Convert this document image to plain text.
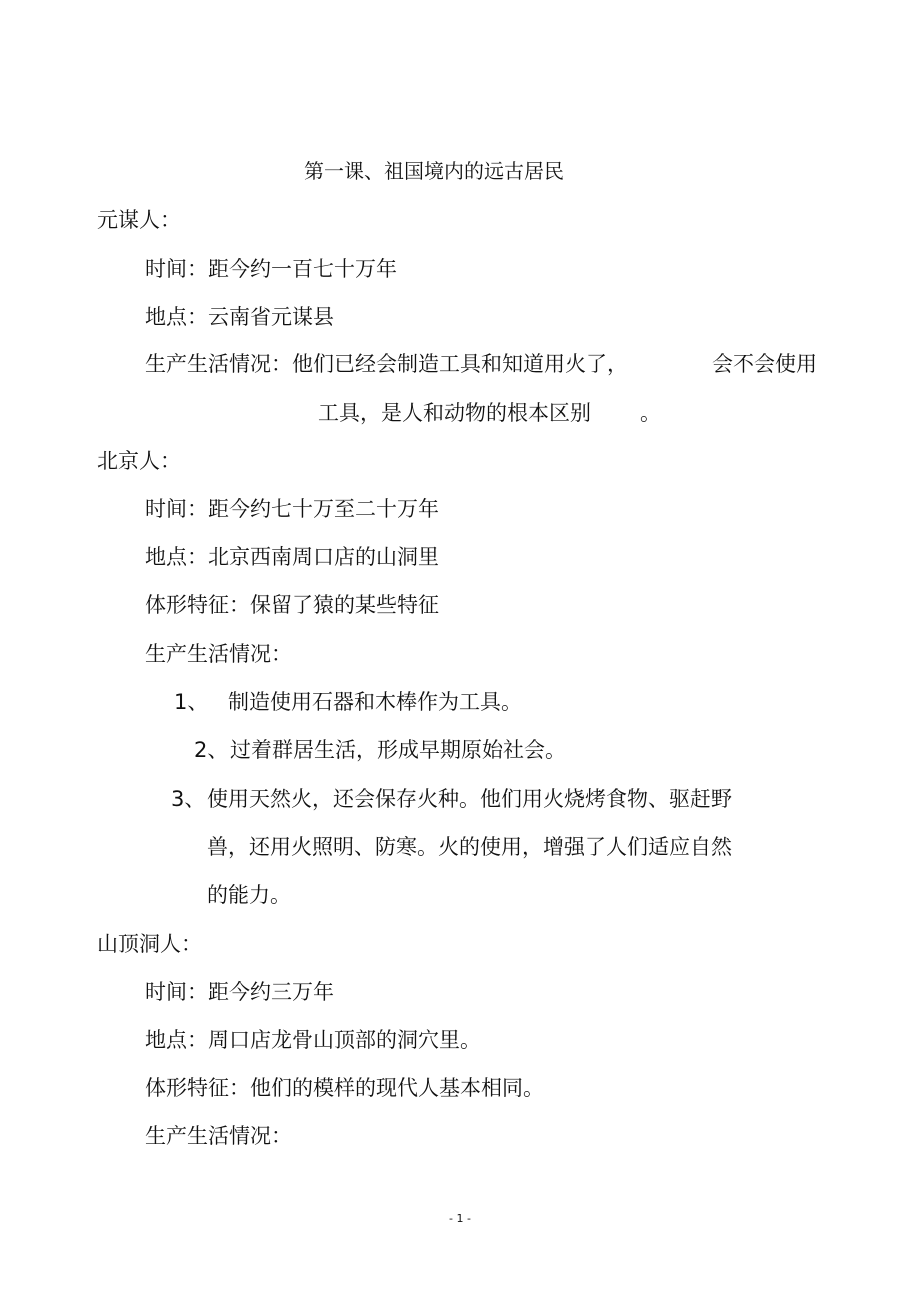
第一课、祖国境内的远古居民

元谋人：

时间：距今约一百七十万年

地点：云南省元谋县

生产生活情况：他们已经会制造工具和知道用火了，	会不会使用

工具，是人和动物的根本区别 。

北京人：

时间：距今约七十万至二十万年

地点：北京西南周口店的山洞里

体形特征：保留了猿的某些特征

生产生活情况：

1、 制造使用石器和木棒作为工具。

2、 过着群居生活，形成早期原始社会。

3、 使用天然火，还会保存火种。他们用火烧烤食物、驱赶野

兽，还用火照明、防寒。火的使用，增强了人们适应自然

的能力。

山顶洞人：

时间：距今约三万年

地点：周口店龙骨山顶部的洞穴里。

体形特征：他们的模样的现代人基本相同。

生产生活情况：

- 1 -
